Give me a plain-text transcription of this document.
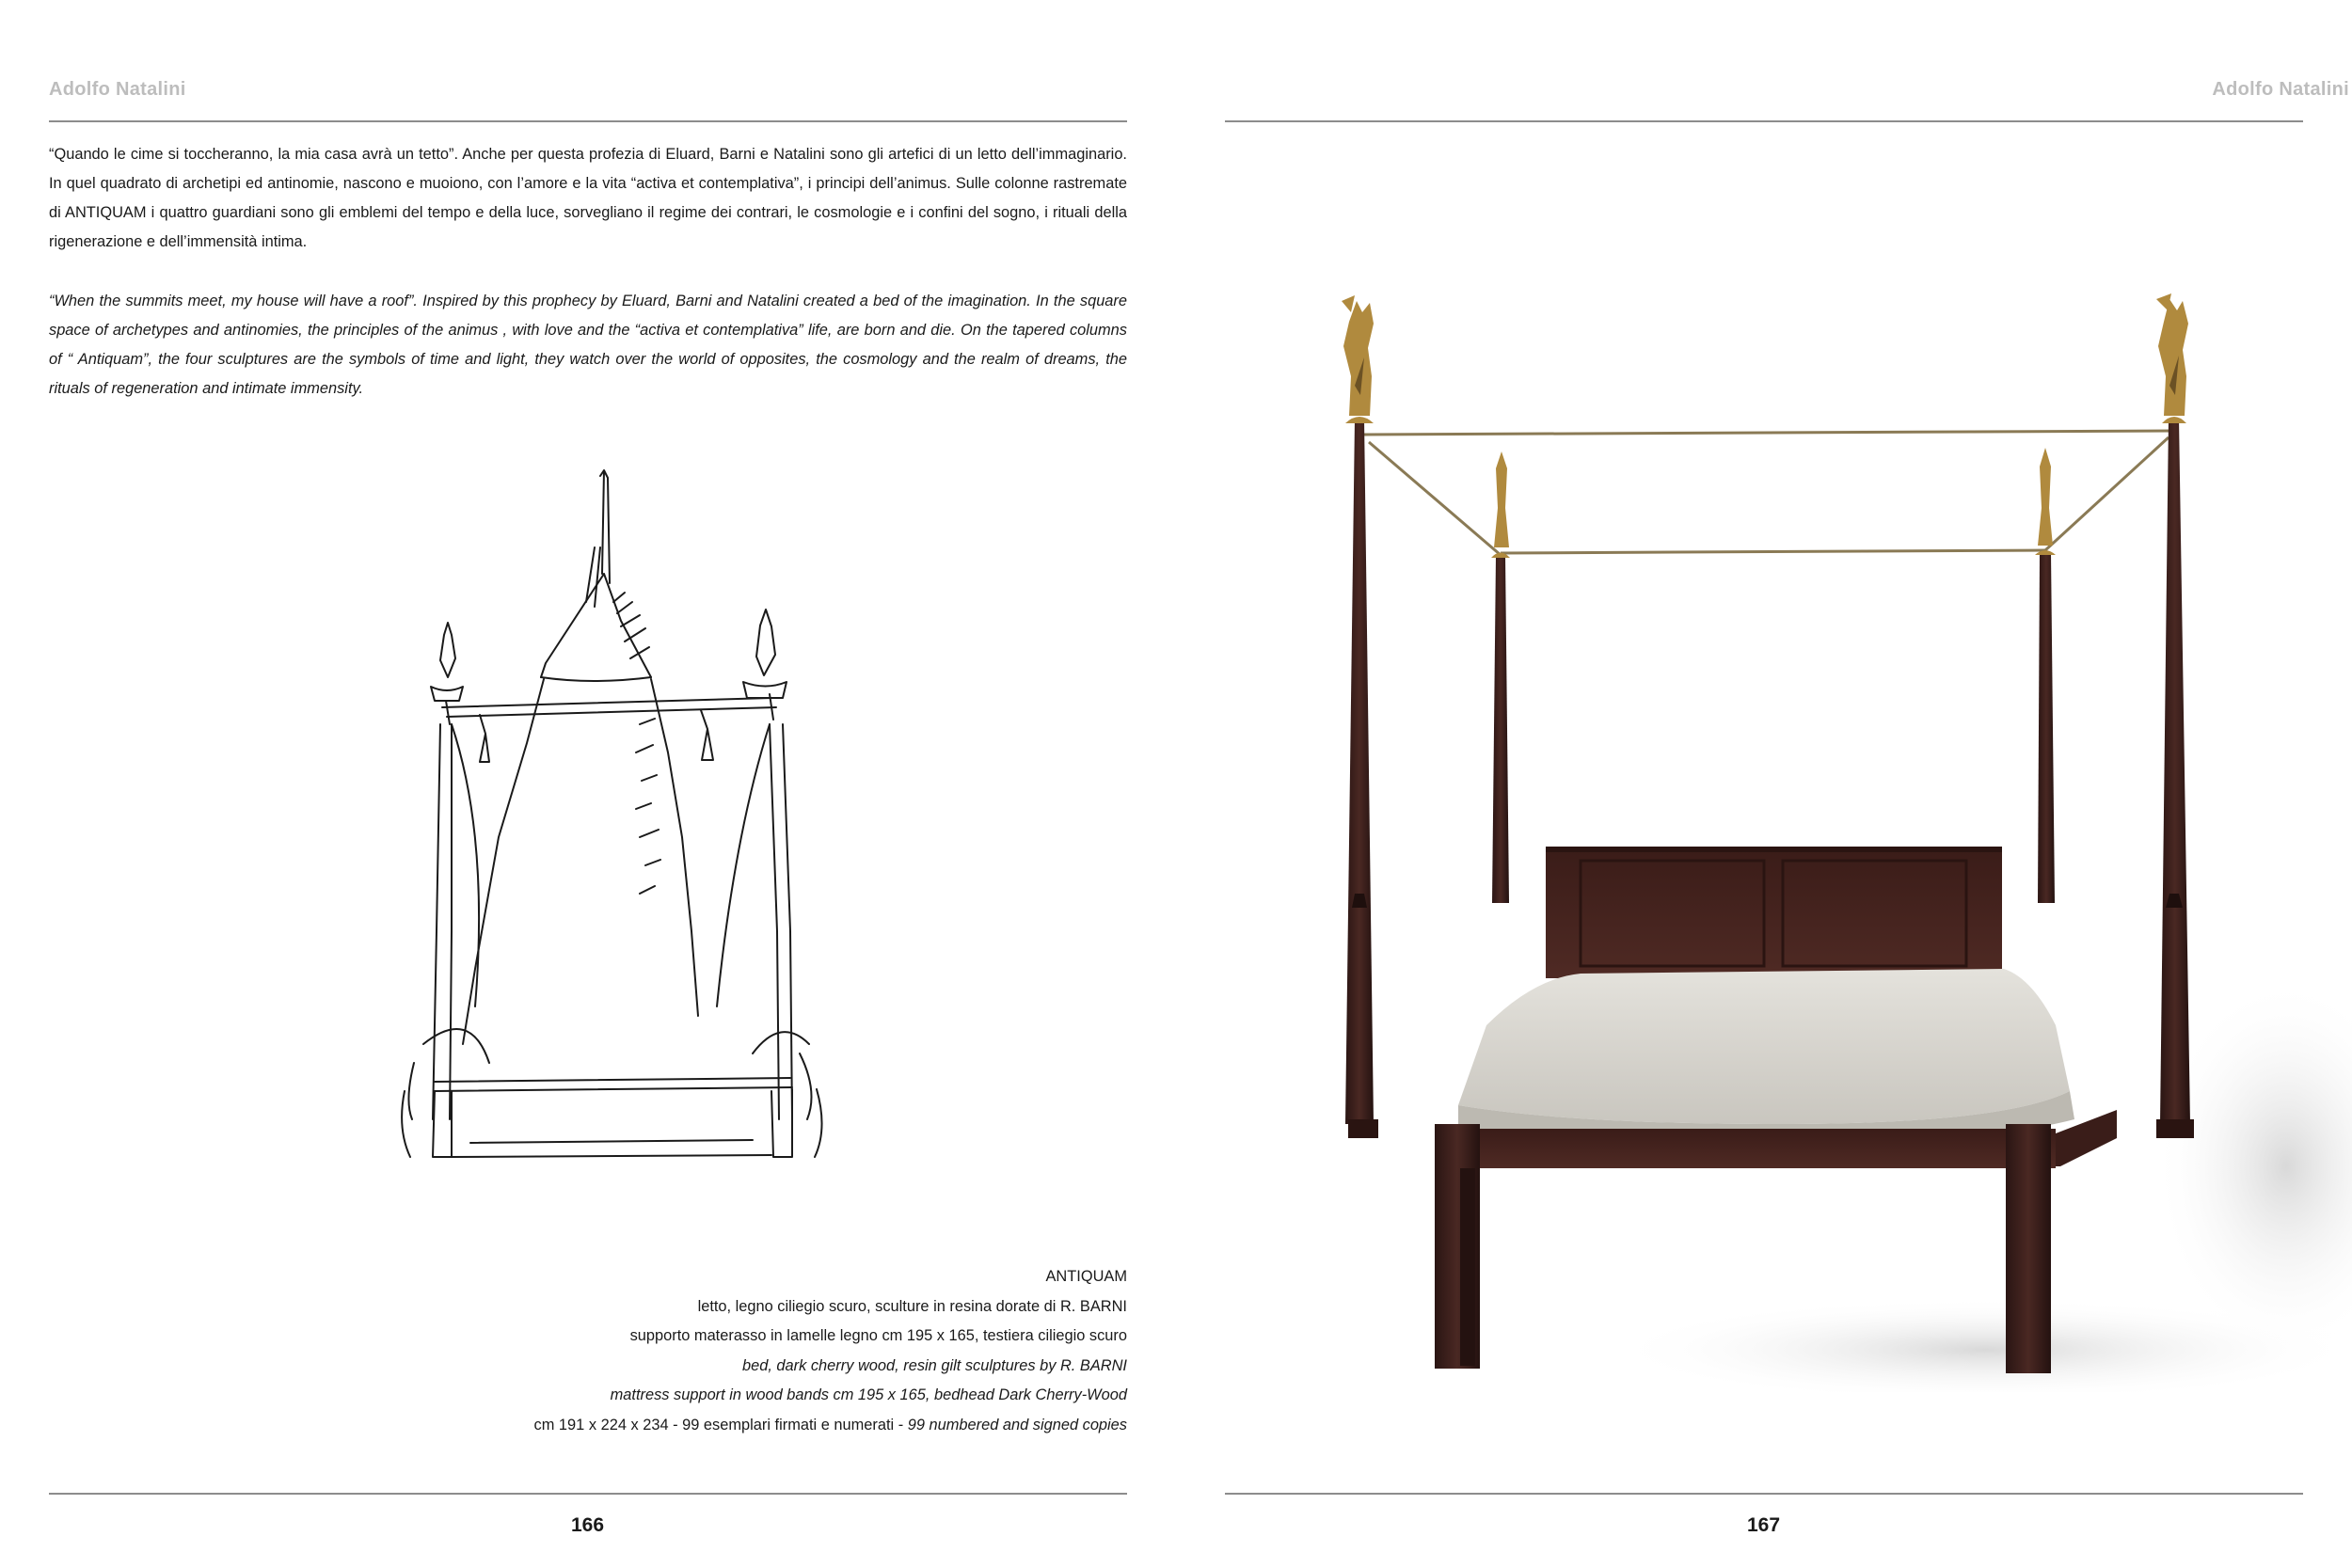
Adolfo Natalini

“Quando le cime si toccheranno, la mia casa avrà un tetto”. Anche per questa profezia di Eluard, Barni e Natalini sono gli artefici di un letto dell’immaginario. In quel quadrato di archetipi ed antinomie, nascono e muoiono, con l’amore e la vita “activa et contemplativa”, i principi dell’animus. Sulle colonne rastremate di ANTIQUAM i quattro guardiani sono gli emblemi del tempo e della luce, sorvegliano il regime dei contrari, le cosmologie e i confini del sogno, i rituali della rigenerazione e dell’immensità intima.

“When the summits meet, my house will have a roof”. Inspired by this prophecy by Eluard, Barni and Natalini created a bed of the imagination. In the square space of archetypes and antinomies, the principles of the animus , with love and the “activa et contemplativa” life, are born and die. On the tapered columns of “ Antiquam”, the four sculptures are the symbols of time and light, they watch over the world of opposites, the cosmology and the realm of dreams, the rituals of regeneration and intimate immensity.

ANTIQUAM
letto, legno ciliegio scuro, sculture in resina dorate di R. BARNI
supporto materasso in lamelle legno cm 195 x 165, testiera ciliegio scuro
bed, dark cherry wood, resin gilt sculptures by R. BARNI
mattress support in wood bands cm 195 x 165, bedhead Dark Cherry-Wood
cm 191 x 224 x 234 - 99 esemplari firmati e numerati - 99 numbered and signed copies
166
Adolfo Natalini
167
